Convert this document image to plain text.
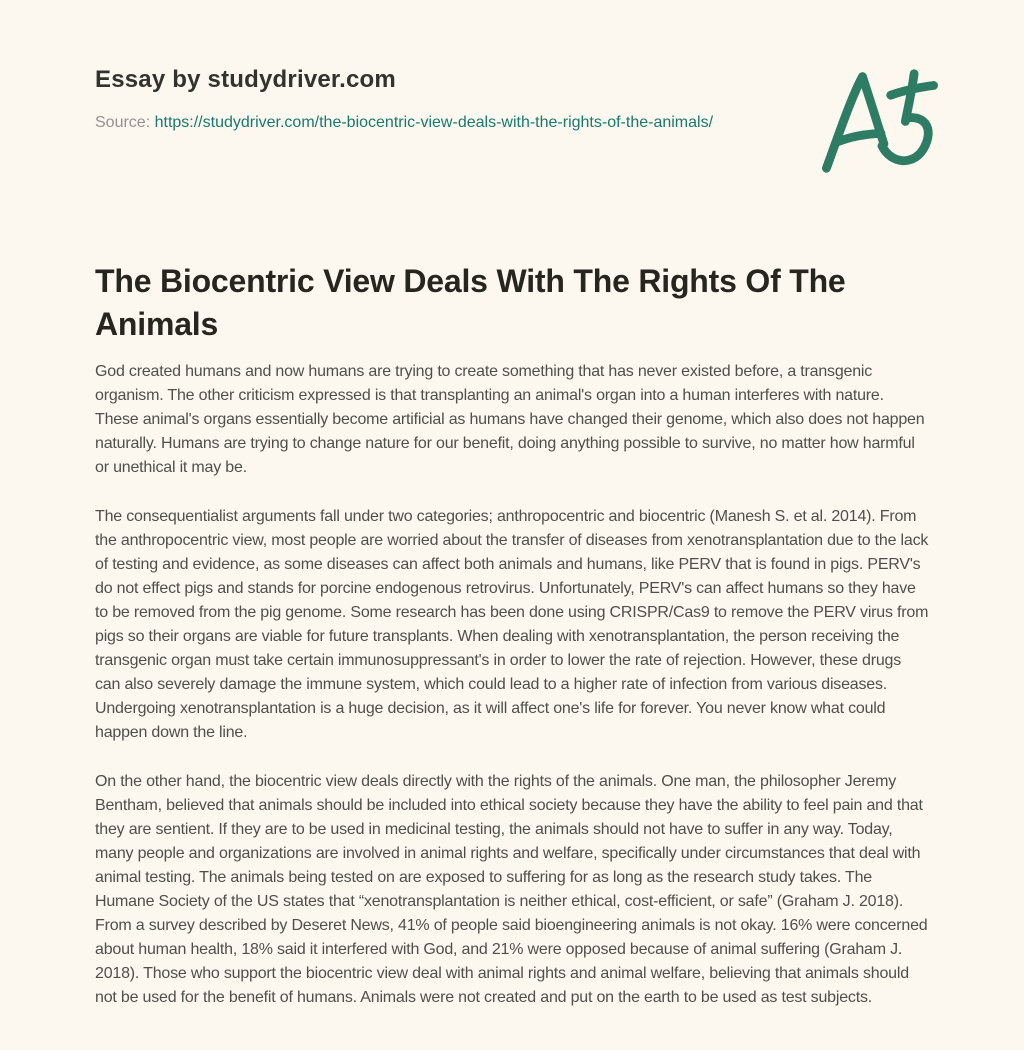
Essay by studydriver.com

Source: https://studydriver.com/the-biocentric-view-deals-with-the-rights-of-the-animals/

The Biocentric View Deals With The Rights Of The Animals

God created humans and now humans are trying to create something that has never existed before, a transgenic organism. The other criticism expressed is that transplanting an animal's organ into a human interferes with nature. These animal's organs essentially become artificial as humans have changed their genome, which also does not happen naturally. Humans are trying to change nature for our benefit, doing anything possible to survive, no matter how harmful or unethical it may be.

The consequentialist arguments fall under two categories; anthropocentric and biocentric (Manesh S. et al. 2014). From the anthropocentric view, most people are worried about the transfer of diseases from xenotransplantation due to the lack of testing and evidence, as some diseases can affect both animals and humans, like PERV that is found in pigs. PERV's do not effect pigs and stands for porcine endogenous retrovirus. Unfortunately, PERV's can affect humans so they have to be removed from the pig genome. Some research has been done using CRISPR/Cas9 to remove the PERV virus from pigs so their organs are viable for future transplants. When dealing with xenotransplantation, the person receiving the transgenic organ must take certain immunosuppressant's in order to lower the rate of rejection. However, these drugs can also severely damage the immune system, which could lead to a higher rate of infection from various diseases. Undergoing xenotransplantation is a huge decision, as it will affect one's life for forever. You never know what could happen down the line.

On the other hand, the biocentric view deals directly with the rights of the animals. One man, the philosopher Jeremy Bentham, believed that animals should be included into ethical society because they have the ability to feel pain and that they are sentient. If they are to be used in medicinal testing, the animals should not have to suffer in any way. Today, many people and organizations are involved in animal rights and welfare, specifically under circumstances that deal with animal testing. The animals being tested on are exposed to suffering for as long as the research study takes. The Humane Society of the US states that “xenotransplantation is neither ethical, cost-efficient, or safe” (Graham J. 2018). From a survey described by Deseret News, 41% of people said bioengineering animals is not okay. 16% were concerned about human health, 18% said it interfered with God, and 21% were opposed because of animal suffering (Graham J. 2018). Those who support the biocentric view deal with animal rights and animal welfare, believing that animals should not be used for the benefit of humans. Animals were not created and put on the earth to be used as test subjects.
